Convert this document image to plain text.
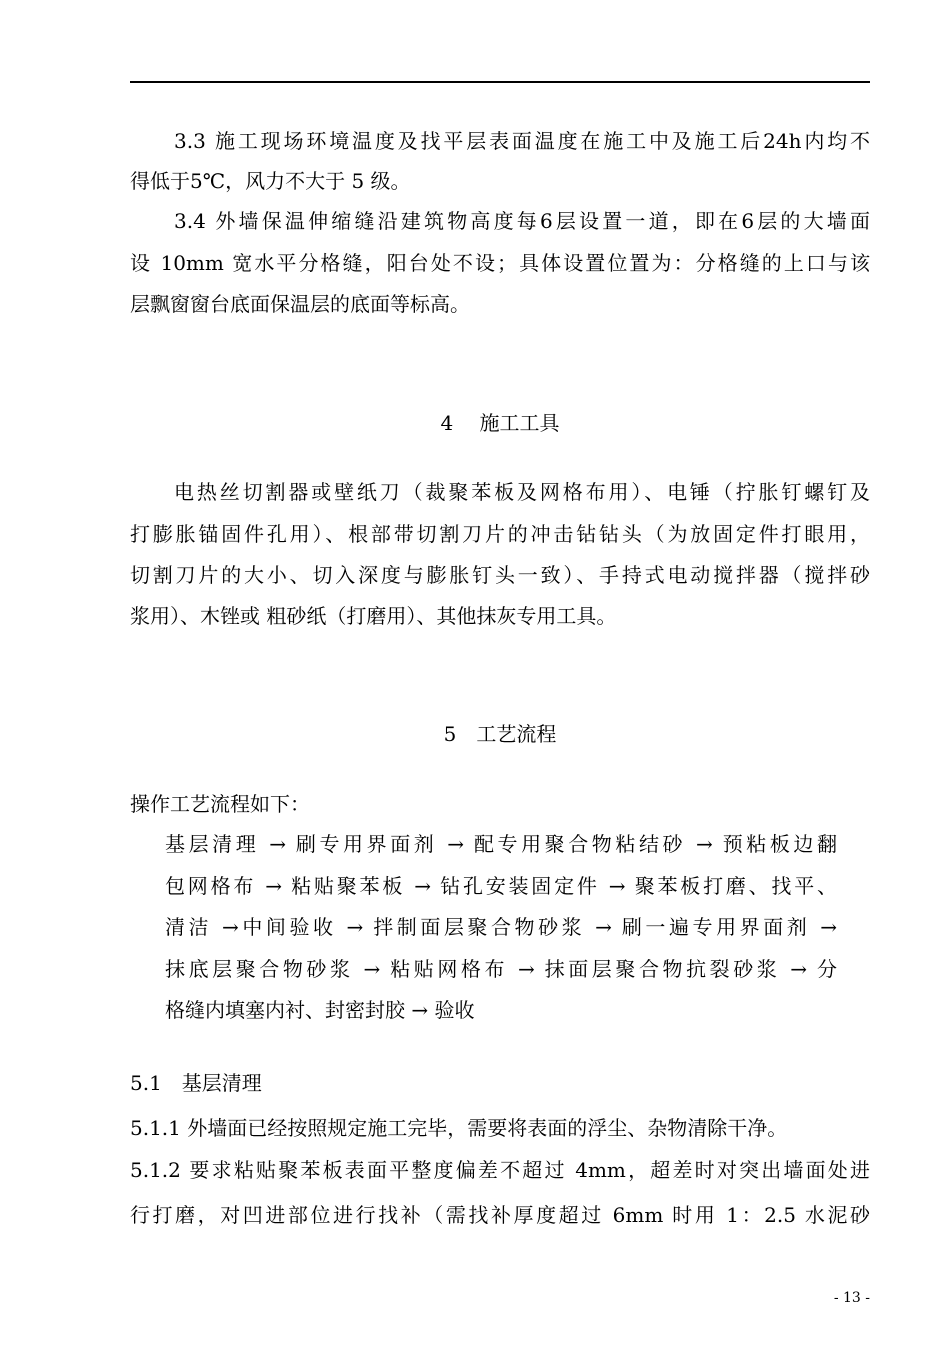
3.3 施工现场环境温度及找平层表面温度在施工中及施工后24h内均不
得低于5℃，风力不大于 5 级。
3.4 外墙保温伸缩缝沿建筑物高度每6层设置一道，即在6层的大墙面
设 10mm 宽水平分格缝，阳台处不设；具体设置位置为：分格缝的上口与该
层飘窗窗台底面保温层的底面等标高。
4　 施工工具
电热丝切割器或壁纸刀（裁聚苯板及网格布用）、电锤（拧胀钉螺钉及
打膨胀锚固件孔用）、根部带切割刀片的冲击钻钻头（为放固定件打眼用，
切割刀片的大小、切入深度与膨胀钉头一致）、手持式电动搅拌器（搅拌砂
浆用）、木锉或 粗砂纸（打磨用）、其他抹灰专用工具。
5　工艺流程
操作工艺流程如下：
基层清理 → 刷专用界面剂 → 配专用聚合物粘结砂 → 预粘板边翻
包网格布 → 粘贴聚苯板 → 钻孔安装固定件 → 聚苯板打磨、找平、
清洁 →中间验收 → 拌制面层聚合物砂浆 → 刷一遍专用界面剂 →
抹底层聚合物砂浆 → 粘贴网格布 → 抹面层聚合物抗裂砂浆 → 分
格缝内填塞内衬、封密封胶 → 验收
5.1　基层清理
5.1.1 外墙面已经按照规定施工完毕，需要将表面的浮尘、杂物清除干净。
5.1.2 要求粘贴聚苯板表面平整度偏差不超过 4mm，超差时对突出墙面处进
行打磨，对凹进部位进行找补（需找补厚度超过 6mm 时用 1：2.5 水泥砂
- 13 -
